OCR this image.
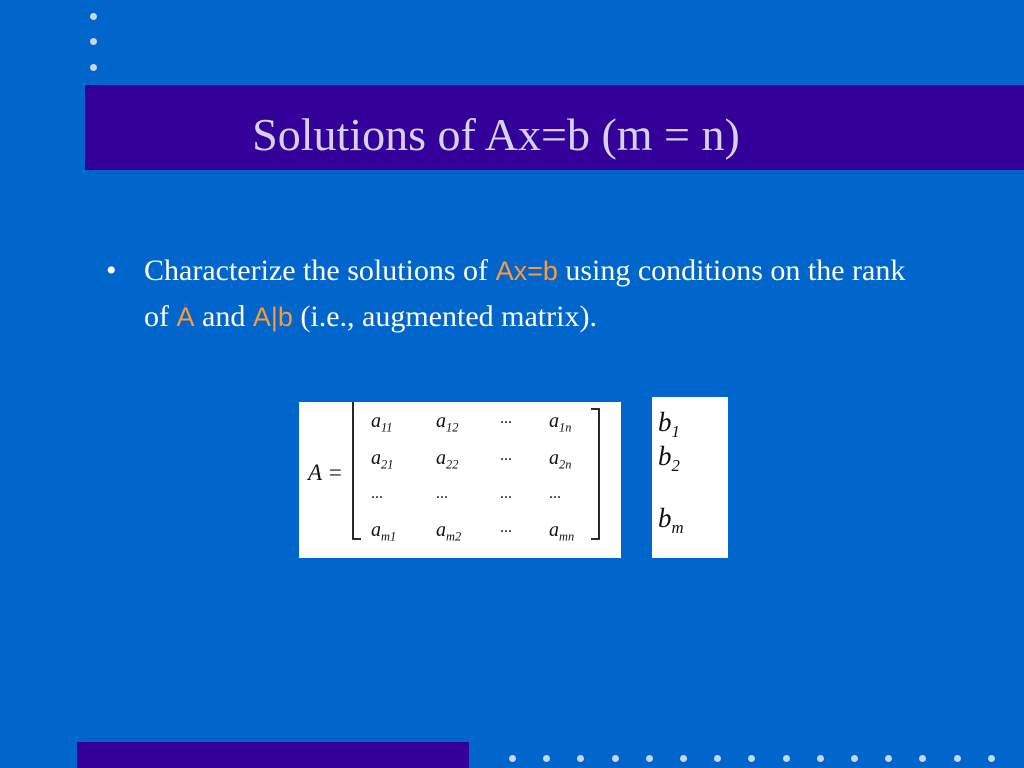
Solutions of Ax=b (m = n)
• Characterize the solutions of Ax=b using conditions on the rank of A and A|b (i.e., augmented matrix).
A =
$a_{11}$ $a_{12}$
... $a_{1n}$
$a_{21}$ $a_{22}$
... $a_{2n}$
...	...	... ...
$a_{m1}$ $a_{m2}$
... $a_{mn}$
$b_1$
$b_2$
$b_m$
